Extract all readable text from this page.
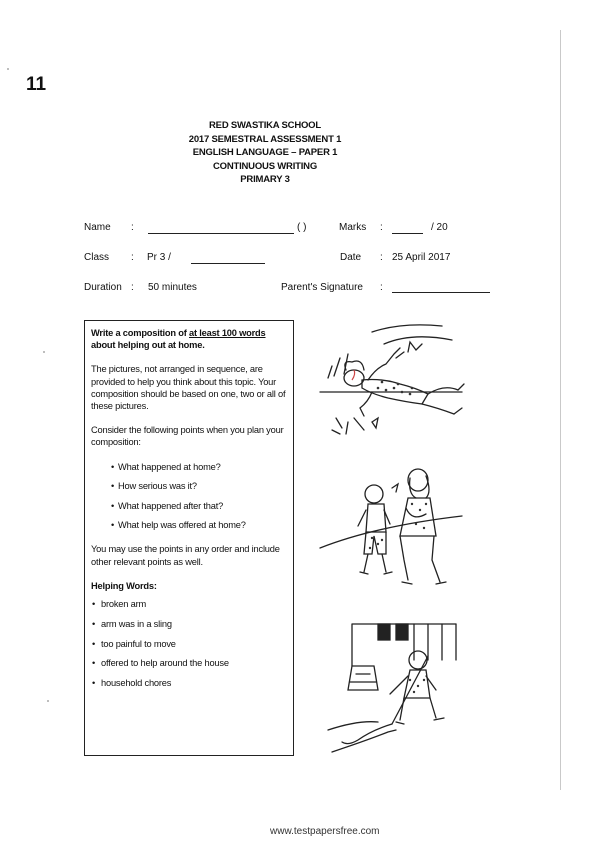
11
RED SWASTIKA SCHOOL
2017 SEMESTRAL ASSESSMENT 1
ENGLISH LANGUAGE – PAPER 1
CONTINUOUS WRITING
PRIMARY 3
Name :	( )	Marks :	/ 20
Class : Pr 3 /	Date : 25 April 2017
Duration : 50 minutes	Parent's Signature :

Write a composition of at least 100 words about helping out at home.

The pictures, not arranged in sequence, are provided to help you think about this topic. Your composition should be based on one, two or all of these pictures.

Consider the following points when you plan your composition:

• What happened at home?
• How serious was it?
• What happened after that?
• What help was offered at home?

You may use the points in any order and include other relevant points as well.

Helping Words:

• broken arm
• arm was in a sling
• too painful to move
• offered to help around the house
• household chores
www.testpapersfree.com
